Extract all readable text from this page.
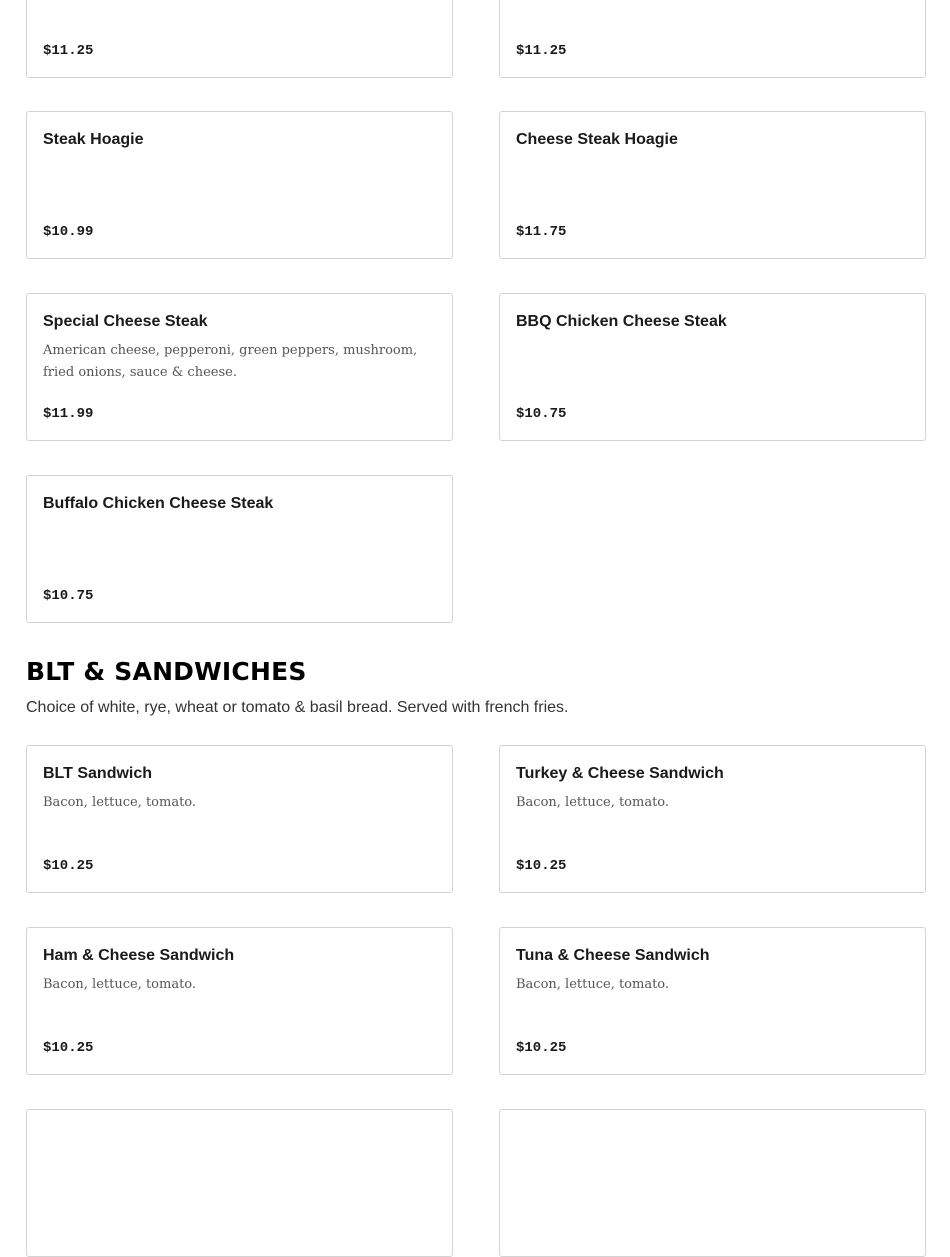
$11.25	$11.25
Steak Hoagie
$10.99
Cheese Steak Hoagie
$11.75
Special Cheese Steak
American cheese, pepperoni, green peppers, mushroom, fried onions, sauce & cheese.
$11.99
BBQ Chicken Cheese Steak
$10.75
Buffalo Chicken Cheese Steak
$10.75
BLT & SANDWICHES
Choice of white, rye, wheat or tomato & basil bread. Served with french fries.
BLT Sandwich
Bacon, lettuce, tomato.
$10.25
Turkey & Cheese Sandwich
Bacon, lettuce, tomato.
$10.25
Ham & Cheese Sandwich
Bacon, lettuce, tomato.
$10.25
Tuna & Cheese Sandwich
Bacon, lettuce, tomato.
$10.25
